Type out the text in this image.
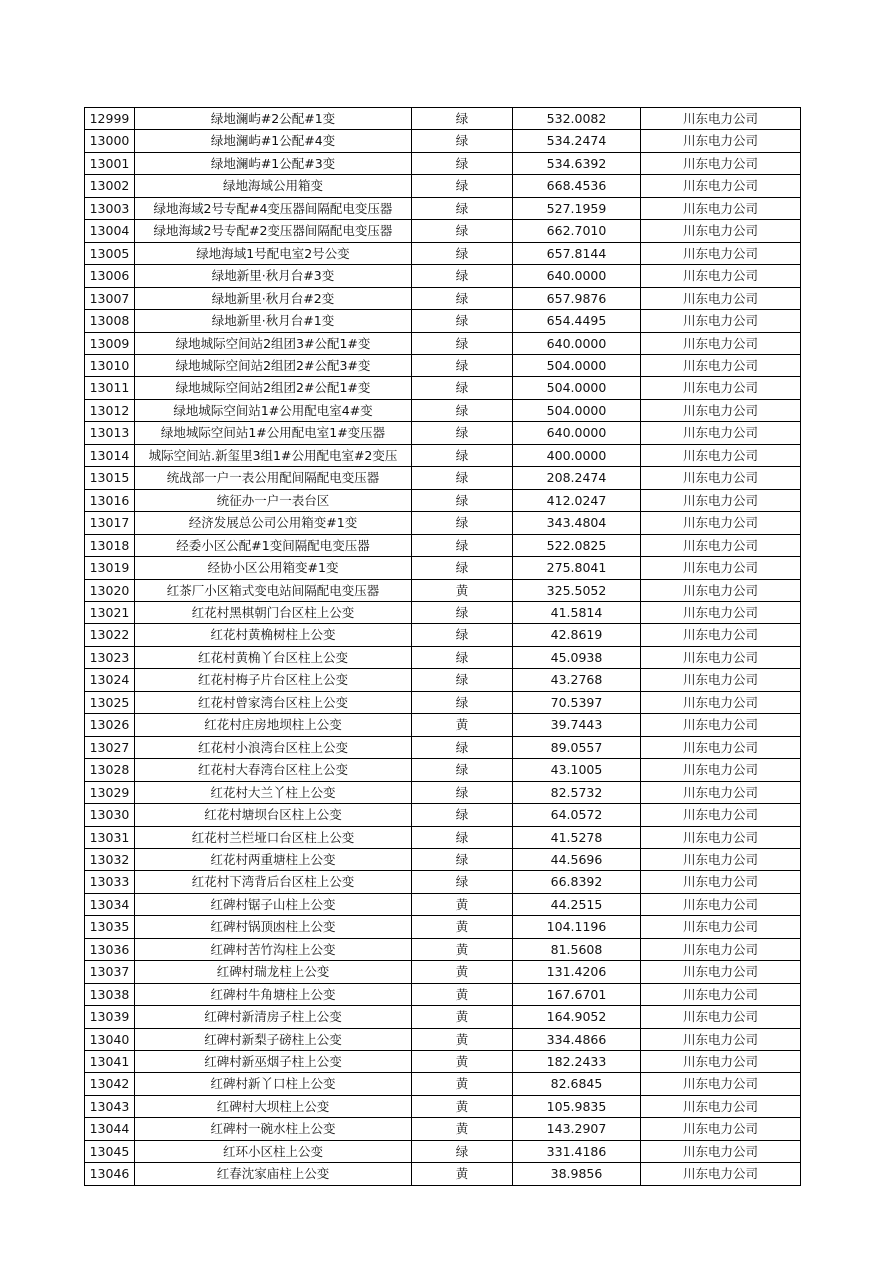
12999	绿地澜屿#2公配#1变	绿	532.0082	川东电力公司
13000	绿地澜屿#1公配#4变	绿	534.2474	川东电力公司
13001	绿地澜屿#1公配#3变	绿	534.6392	川东电力公司
13002	绿地海域公用箱变	绿	668.4536	川东电力公司
13003	绿地海域2号专配#4变压器间隔配电变压器	绿	527.1959	川东电力公司
13004	绿地海域2号专配#2变压器间隔配电变压器	绿	662.7010	川东电力公司
13005	绿地海域1号配电室2号公变	绿	657.8144	川东电力公司
13006	绿地新里·秋月台#3变	绿	640.0000	川东电力公司
13007	绿地新里·秋月台#2变	绿	657.9876	川东电力公司
13008	绿地新里·秋月台#1变	绿	654.4495	川东电力公司
13009	绿地城际空间站2组团3#公配1#变	绿	640.0000	川东电力公司
13010	绿地城际空间站2组团2#公配3#变	绿	504.0000	川东电力公司
13011	绿地城际空间站2组团2#公配1#变	绿	504.0000	川东电力公司
13012	绿地城际空间站1#公用配电室4#变	绿	504.0000	川东电力公司
13013	绿地城际空间站1#公用配电室1#变压器	绿	640.0000	川东电力公司
13014	城际空间站.新玺里3组1#公用配电室#2变压	绿	400.0000	川东电力公司
13015	统战部一户一表公用配间隔配电变压器	绿	208.2474	川东电力公司
13016	统征办一户一表台区	绿	412.0247	川东电力公司
13017	经济发展总公司公用箱变#1变	绿	343.4804	川东电力公司
13018	经委小区公配#1变间隔配电变压器	绿	522.0825	川东电力公司
13019	经协小区公用箱变#1变	绿	275.8041	川东电力公司
13020	红茶厂小区箱式变电站间隔配电变压器	黄	325.5052	川东电力公司
13021	红花村黑棋朝门台区柱上公变	绿	41.5814	川东电力公司
13022	红花村黄桷树柱上公变	绿	42.8619	川东电力公司
13023	红花村黄桷丫台区柱上公变	绿	45.0938	川东电力公司
13024	红花村梅子片台区柱上公变	绿	43.2768	川东电力公司
13025	红花村曾家湾台区柱上公变	绿	70.5397	川东电力公司
13026	红花村庄房地坝柱上公变	黄	39.7443	川东电力公司
13027	红花村小浪湾台区柱上公变	绿	89.0557	川东电力公司
13028	红花村大春湾台区柱上公变	绿	43.1005	川东电力公司
13029	红花村大兰丫柱上公变	绿	82.5732	川东电力公司
13030	红花村塘坝台区柱上公变	绿	64.0572	川东电力公司
13031	红花村兰栏垭口台区柱上公变	绿	41.5278	川东电力公司
13032	红花村两重塘柱上公变	绿	44.5696	川东电力公司
13033	红花村下湾背后台区柱上公变	绿	66.8392	川东电力公司
13034	红碑村锯子山柱上公变	黄	44.2515	川东电力公司
13035	红碑村锅顶凼柱上公变	黄	104.1196	川东电力公司
13036	红碑村苦竹沟柱上公变	黄	81.5608	川东电力公司
13037	红碑村瑞龙柱上公变	黄	131.4206	川东电力公司
13038	红碑村牛角塘柱上公变	黄	167.6701	川东电力公司
13039	红碑村新清房子柱上公变	黄	164.9052	川东电力公司
13040	红碑村新梨子磅柱上公变	黄	334.4866	川东电力公司
13041	红碑村新巫烟子柱上公变	黄	182.2433	川东电力公司
13042	红碑村新丫口柱上公变	黄	82.6845	川东电力公司
13043	红碑村大坝柱上公变	黄	105.9835	川东电力公司
13044	红碑村一碗水柱上公变	黄	143.2907	川东电力公司
13045	红环小区柱上公变	绿	331.4186	川东电力公司
13046	红春沈家庙柱上公变	黄	38.9856	川东电力公司
